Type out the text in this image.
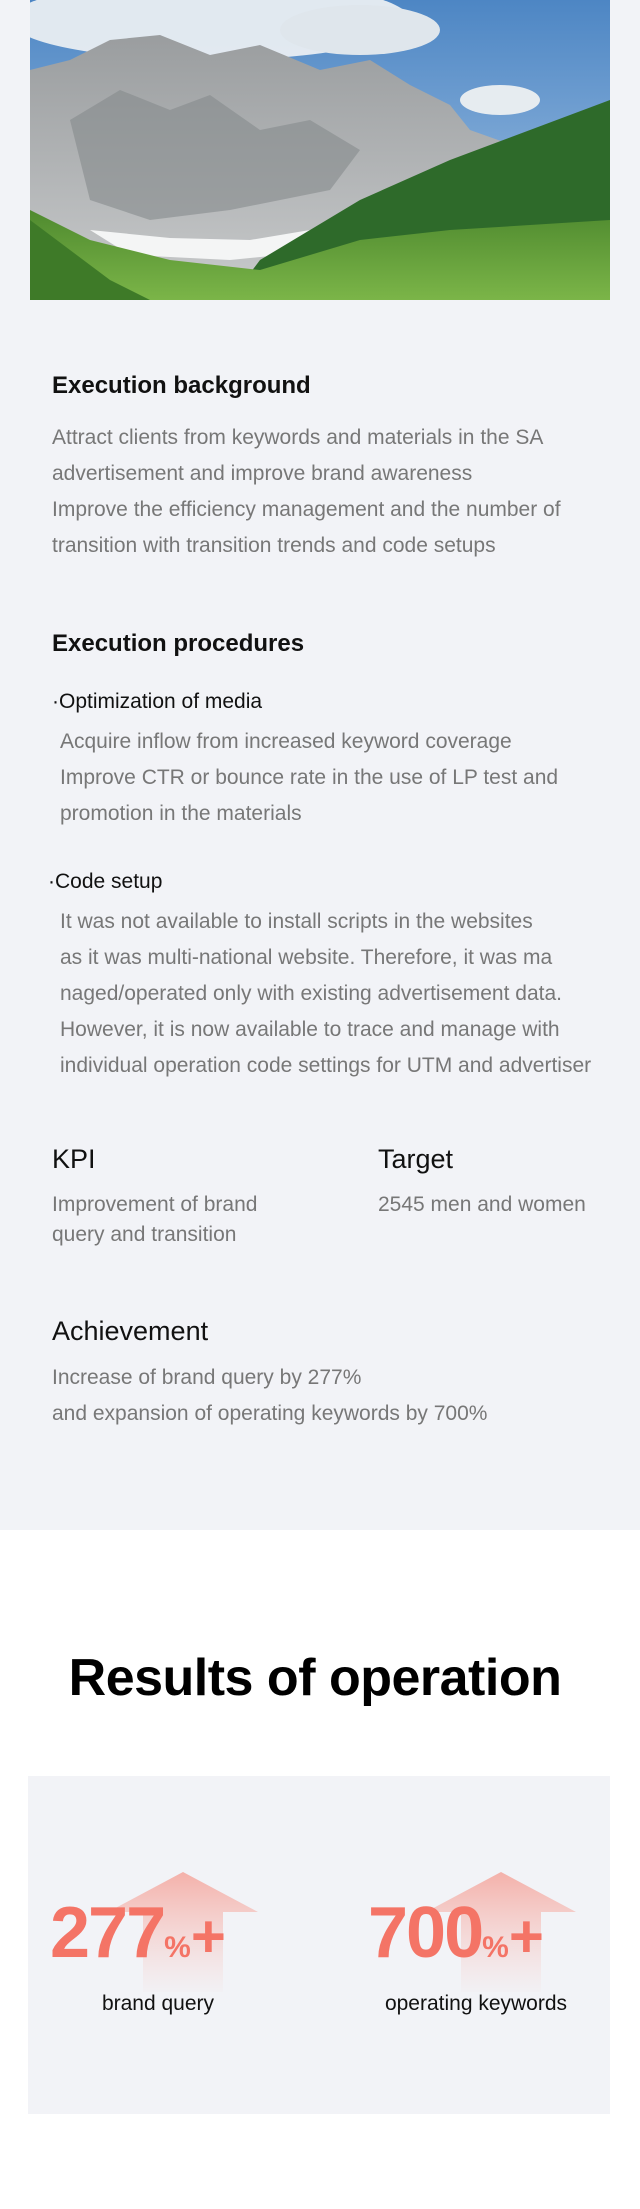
Execution background

Attract clients from keywords and materials in the SA

advertisement and improve brand awareness

Improve the efficiency management and the number of

transition with transition trends and code setups

Execution procedures

·Optimization of media

Acquire inflow from increased keyword coverage

Improve CTR or bounce rate in the use of LP test and

promotion in the materials

·Code setup

It was not available to install scripts in the websites

as it was multi-national website. Therefore, it was ma

naged/operated only with existing advertisement data.

However, it is now available to trace and manage with

individual operation code settings for UTM and advertiser

KPI

Improvement of brand

query and transition

Target

2545 men and women

Achievement

Increase of brand query by 277%

and expansion of operating keywords by 700%

Results of operation
277%+
brand query
700%+
operating keywords
